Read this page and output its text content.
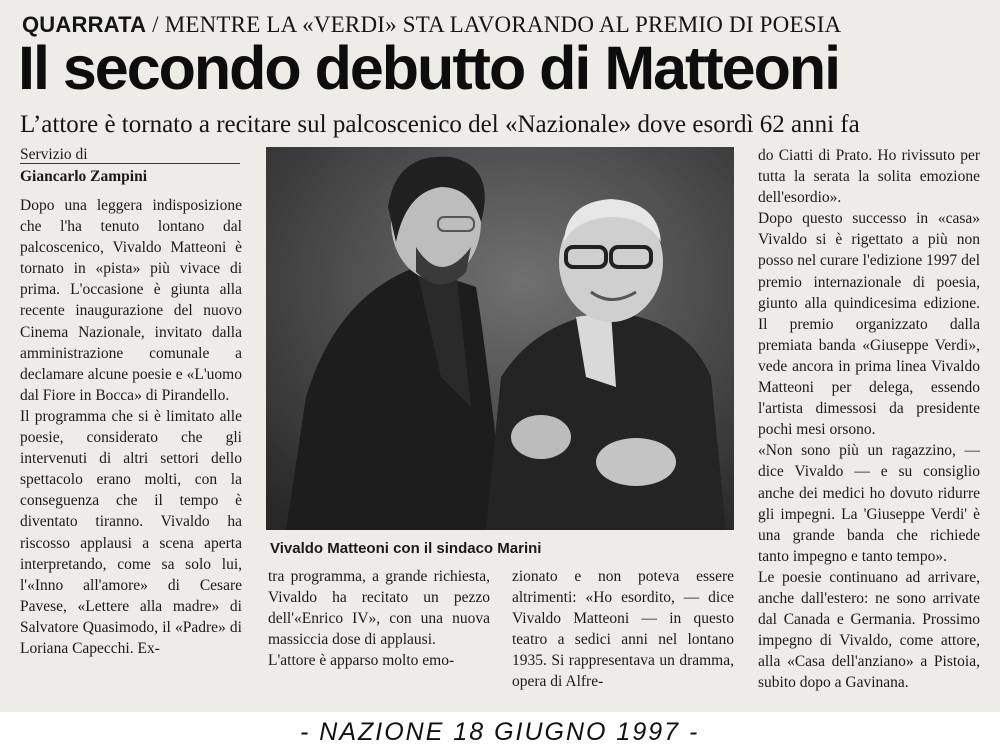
QUARRATA / MENTRE LA «VERDI» STA LAVORANDO AL PREMIO DI POESIA
Il secondo debutto di Matteoni
L’attore è tornato a recitare sul palcoscenico del «Nazionale» dove esordì 62 anni fa
Servizio di
Giancarlo Zampini

Dopo una leggera indisposizione che l'ha tenuto lontano dal palcoscenico, Vivaldo Matteoni è tornato in «pista» più vivace di prima. L'occasione è giunta alla recente inaugurazione del nuovo Cinema Nazionale, invitato dalla amministrazione comunale a declamare alcune poesie e «L'uomo dal Fiore in Bocca» di Pirandello.

Il programma che si è limitato alle poesie, considerato che gli intervenuti di altri settori dello spettacolo erano molti, con la conseguenza che il tempo è diventato tiranno. Vivaldo ha riscosso applausi a scena aperta interpretando, come sa solo lui, l'«Inno all'amore» di Cesare Pavese, «Lettere alla madre» di Salvatore Quasimodo, il «Padre» di Loriana Capecchi. Ex-

Vivaldo Matteoni con il sindaco Marini

tra programma, a grande richiesta, Vivaldo ha recitato un pezzo dell'«Enrico IV», con una nuova massiccia dose di applausi.

L'attore è apparso molto emo-

zionato e non poteva essere altrimenti: «Ho esordito, — dice Vivaldo Matteoni — in questo teatro a sedici anni nel lontano 1935. Si rappresentava un dramma, opera di Alfre-

do Ciatti di Prato. Ho rivissuto per tutta la serata la solita emozione dell'esordio».

Dopo questo successo in «casa» Vivaldo si è rigettato a più non posso nel curare l'edizione 1997 del premio internazionale di poesia, giunto alla quindicesima edizione. Il premio organizzato dalla premiata banda «Giuseppe Verdi», vede ancora in prima linea Vivaldo Matteoni per delega, essendo l'artista dimessosi da presidente pochi mesi orsono.

«Non sono più un ragazzino, — dice Vivaldo — e su consiglio anche dei medici ho dovuto ridurre gli impegni. La 'Giuseppe Verdi' è una grande banda che richiede tanto impegno e tanto tempo».

Le poesie continuano ad arrivare, anche dall'estero: ne sono arrivate dal Canada e Germania. Prossimo impegno di Vivaldo, come attore, alla «Casa dell'anziano» a Pistoia, subito dopo a Gavinana.

- NAZIONE 18 GIUGNO 1997 -
